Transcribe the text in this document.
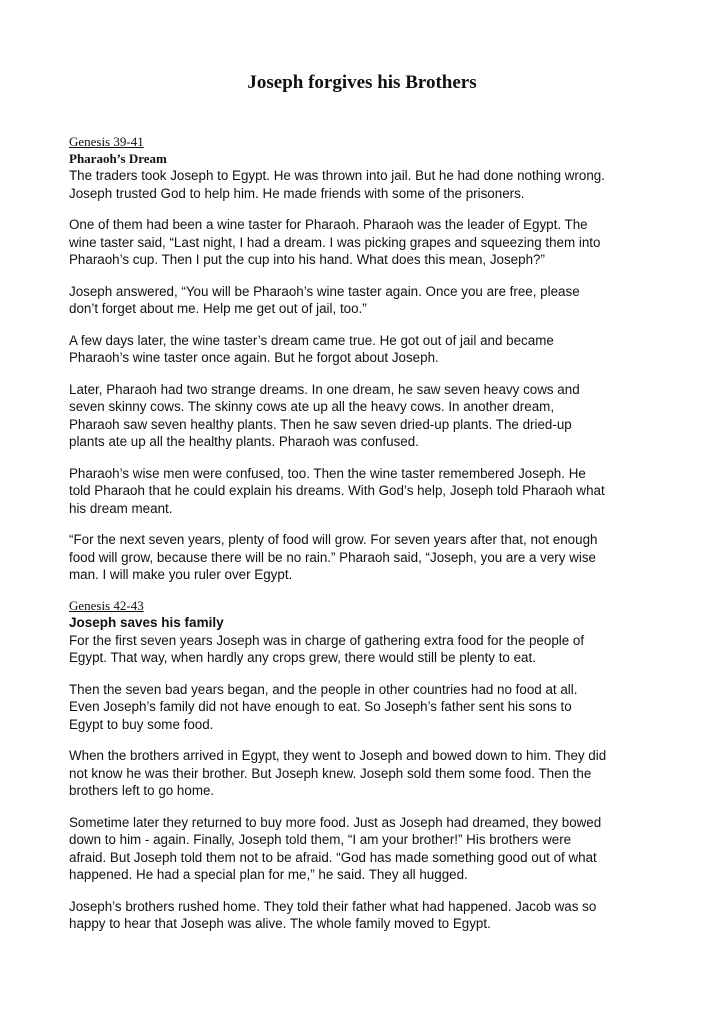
Joseph forgives his Brothers
Genesis 39-41
Pharaoh’s Dream
The traders took Joseph to Egypt. He was thrown into jail. But he had done nothing wrong.
Joseph trusted God to help him. He made friends with some of the prisoners.
One of them had been a wine taster for Pharaoh. Pharaoh was the leader of Egypt. The
wine taster said, “Last night, I had a dream. I was picking grapes and squeezing them into
Pharaoh’s cup. Then I put the cup into his hand. What does this mean, Joseph?”
Joseph answered, “You will be Pharaoh’s wine taster again. Once you are free, please
don’t forget about me. Help me get out of jail, too.”
A few days later, the wine taster’s dream came true. He got out of jail and became
Pharaoh’s wine taster once again. But he forgot about Joseph.
Later, Pharaoh had two strange dreams. In one dream, he saw seven heavy cows and
seven skinny cows. The skinny cows ate up all the heavy cows. In another dream,
Pharaoh saw seven healthy plants. Then he saw seven dried-up plants. The dried-up
plants ate up all the healthy plants. Pharaoh was confused.
Pharaoh’s wise men were confused, too. Then the wine taster remembered Joseph. He
told Pharaoh that he could explain his dreams. With God’s help, Joseph told Pharaoh what
his dream meant.
“For the next seven years, plenty of food will grow. For seven years after that, not enough
food will grow, because there will be no rain.” Pharaoh said, “Joseph, you are a very wise
man. I will make you ruler over Egypt.
Genesis 42-43
Joseph saves his family
For the first seven years Joseph was in charge of gathering extra food for the people of
Egypt. That way, when hardly any crops grew, there would still be plenty to eat.
Then the seven bad years began, and the people in other countries had no food at all.
Even Joseph’s family did not have enough to eat. So Joseph’s father sent his sons to
Egypt to buy some food.
When the brothers arrived in Egypt, they went to Joseph and bowed down to him. They did
not know he was their brother. But Joseph knew. Joseph sold them some food. Then the
brothers left to go home.
Sometime later they returned to buy more food. Just as Joseph had dreamed, they bowed
down to him - again. Finally, Joseph told them, “I am your brother!” His brothers were
afraid. But Joseph told them not to be afraid. “God has made something good out of what
happened. He had a special plan for me,” he said. They all hugged.
Joseph’s brothers rushed home. They told their father what had happened. Jacob was so
happy to hear that Joseph was alive. The whole family moved to Egypt.
